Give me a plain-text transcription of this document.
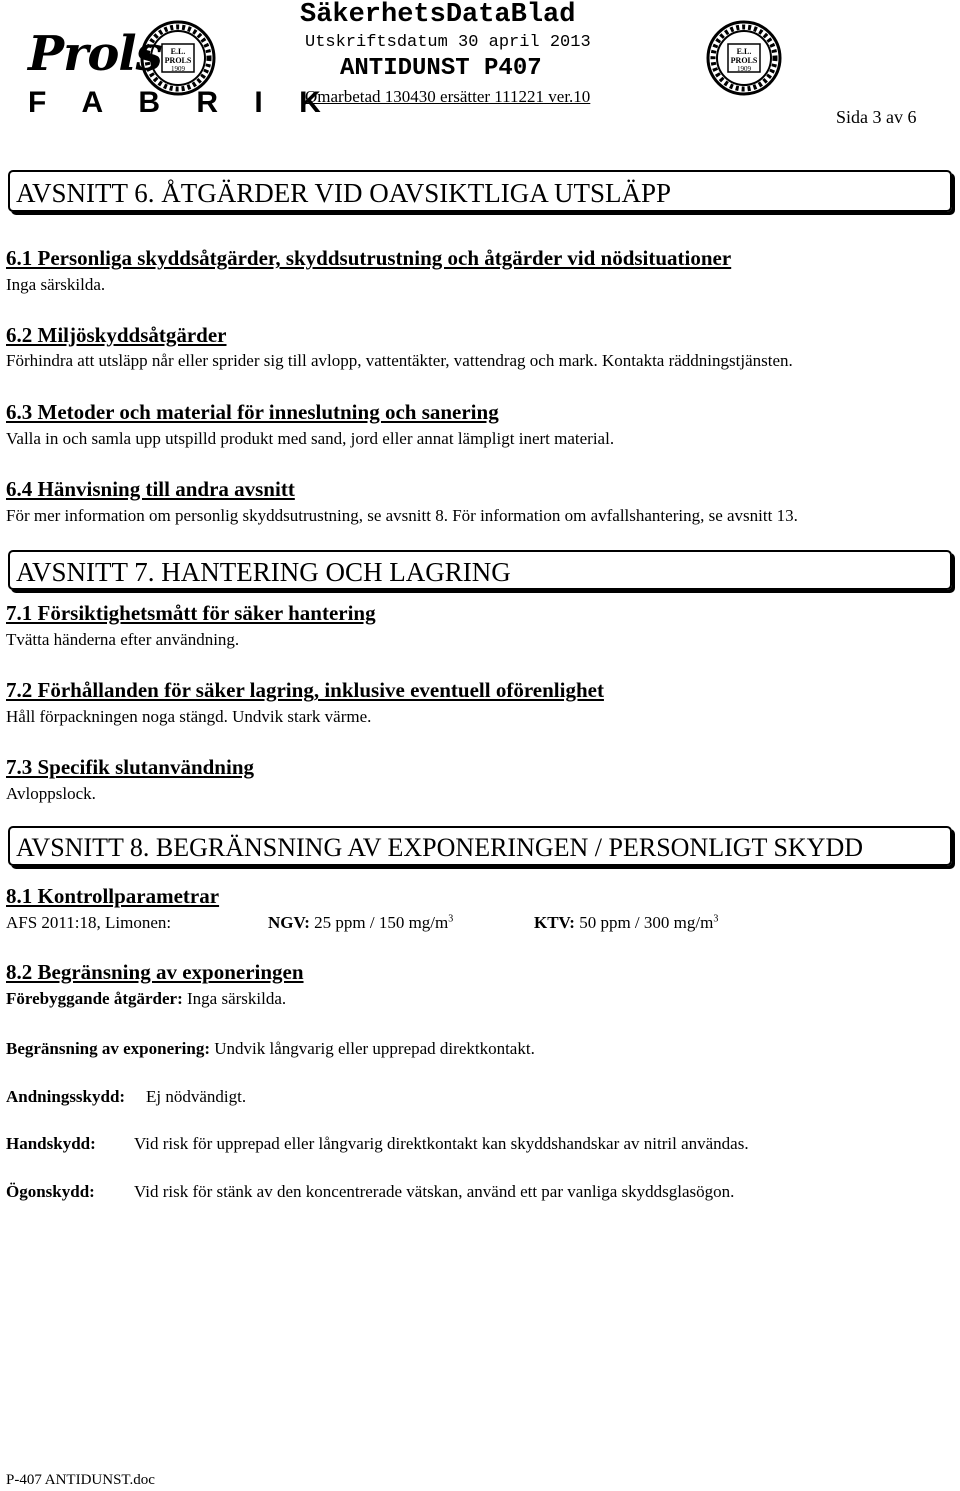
Prols
F A B R I K
E.L.
PROLS
1909
E.L.
PROLS
1909
SäkerhetsDataBlad
Utskriftsdatum 30 april 2013
ANTIDUNST P407
Omarbetad 130430 ersätter 111221 ver.10
Sida 3 av 6
AVSNITT 6. ÅTGÄRDER VID OAVSIKTLIGA UTSLÄPP
6.1 Personliga skyddsåtgärder, skyddsutrustning och åtgärder vid nödsituationer
Inga särskilda.
6.2 Miljöskyddsåtgärder
Förhindra att utsläpp når eller sprider sig till avlopp, vattentäkter, vattendrag och mark. Kontakta räddningstjänsten.
6.3 Metoder och material för inneslutning och sanering
Valla in och samla upp utspilld produkt med sand, jord eller annat lämpligt inert material.
6.4 Hänvisning till andra avsnitt
För mer information om personlig skyddsutrustning, se avsnitt 8. För information om avfallshantering, se avsnitt 13.
AVSNITT 7. HANTERING OCH LAGRING
7.1 Försiktighetsmått för säker hantering
Tvätta händerna efter användning.
7.2 Förhållanden för säker lagring, inklusive eventuell oförenlighet
Håll förpackningen noga stängd. Undvik stark värme.
7.3 Specifik slutanvändning
Avloppslock.
AVSNITT 8. BEGRÄNSNING AV EXPONERINGEN / PERSONLIGT SKYDD
8.1 Kontrollparametrar
AFS 2011:18, Limonen:	NGV: 25 ppm / 150 $mg/m^3$	KTV: 50 ppm / 300 $mg/m^3$
8.2 Begränsning av exponeringen
Förebyggande åtgärder: Inga särskilda.
Begränsning av exponering: Undvik långvarig eller upprepad direktkontakt.
Andningsskydd: Ej nödvändigt.
Handskydd: Vid risk för upprepad eller långvarig direktkontakt kan skyddshandskar av nitril användas.
Ögonskydd: Vid risk för stänk av den koncentrerade vätskan, använd ett par vanliga skyddsglasögon.
P-407 ANTIDUNST.doc
